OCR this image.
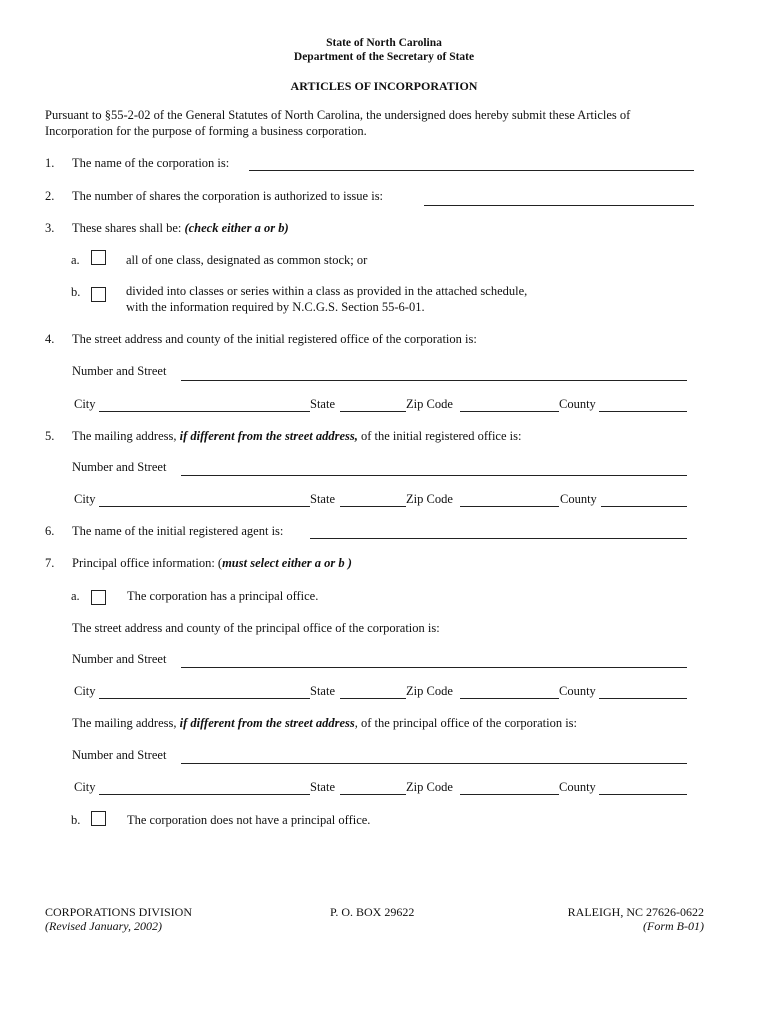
State of North Carolina
Department of the Secretary of State
ARTICLES OF INCORPORATION
Pursuant to §55-2-02 of the General Statutes of North Carolina, the undersigned does hereby submit these Articles of
Incorporation for the purpose of forming a business corporation.
1. The name of the corporation is:
2. The number of shares the corporation is authorized to issue is:
3. These shares shall be: (check either a or b)
a.	all of one class, designated as common stock; or
b.	divided into classes or series within a class as provided in the attached schedule,
with the information required by N.C.G.S. Section 55-6-01.
4. The street address and county of the initial registered office of the corporation is:
Number and Street
City	State	Zip Code	County
5. The mailing address, if different from the street address, of the initial registered office is:
Number and Street
City	State	Zip Code	County
6. The name of the initial registered agent is:
7. Principal office information: (must select either a or b )
a.	The corporation has a principal office.
The street address and county of the principal office of the corporation is:
Number and Street
City	State	Zip Code	County
The mailing address, if different from the street address, of the principal office of the corporation is:
Number and Street
City	State	Zip Code	County
b.	The corporation does not have a principal office.
CORPORATIONS DIVISION	P. O. BOX 29622	RALEIGH, NC 27626-0622
(Revised January, 2002)	(Form B-01)
